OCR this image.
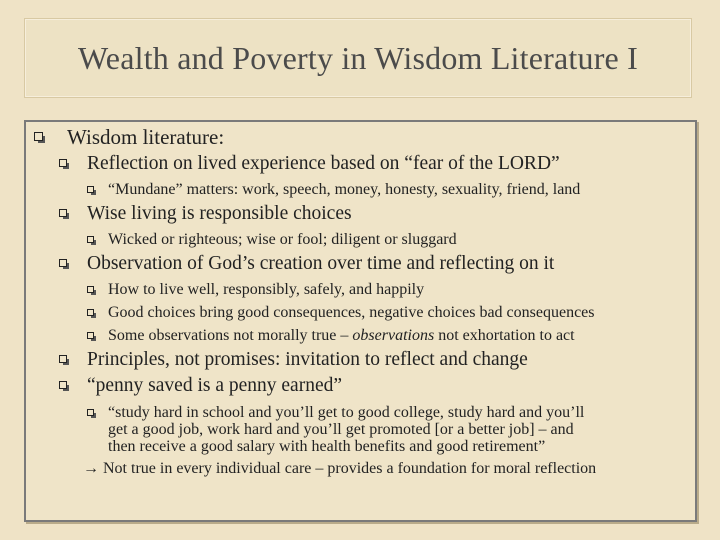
Wealth and Poverty in Wisdom Literature I
Wisdom literature:
Reflection on lived experience based on “fear of the LORD”
“Mundane” matters: work, speech, money, honesty, sexuality, friend, land
Wise living is responsible choices
Wicked or righteous; wise or fool; diligent or sluggard
Observation of God’s creation over time and reflecting on it
How to live well, responsibly, safely, and happily
Good choices bring good consequences, negative choices bad consequences
Some observations not morally true – observations not exhortation to act
Principles, not promises: invitation to reflect and change
“penny saved is a penny earned”
“study hard in school and you’ll get to good college, study hard and you’ll
get a good job, work hard and you’ll get promoted [or a better job] – and
then receive a good salary with health benefits and good retirement”
→ Not true in every individual care – provides a foundation for moral reflection
